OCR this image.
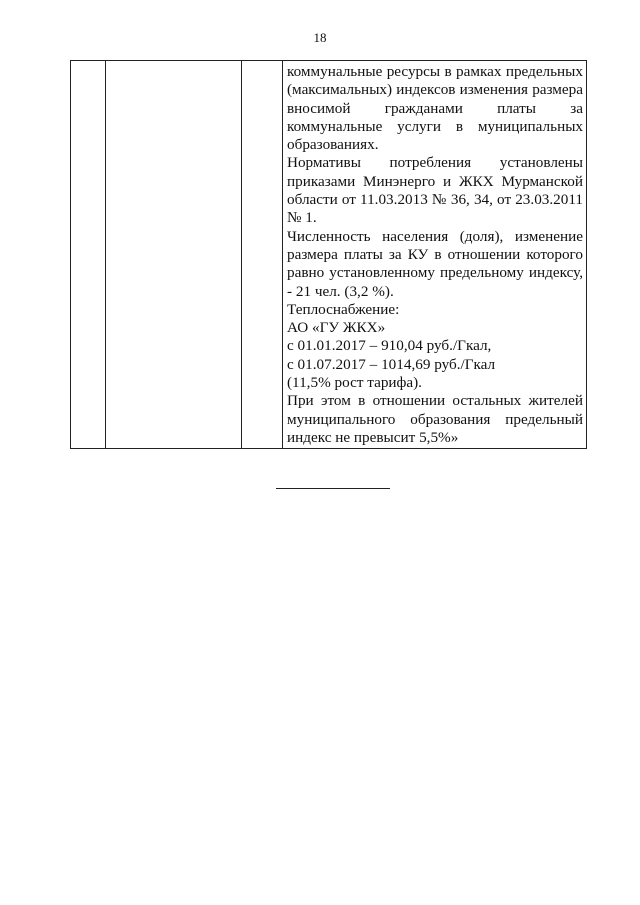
18

коммунальные ресурсы в рамках предельных (максимальных) индексов изменения размера вносимой гражданами платы за коммунальные услуги в муниципальных образованиях.

Нормативы потребления установлены приказами Минэнерго и ЖКХ Мурманской области от 11.03.2013 № 36, 34, от 23.03.2011 № 1.

Численность населения (доля), изменение размера платы за КУ в отношении которого равно установленному предельному индексу, - 21 чел. (3,2 %).

Теплоснабжение:

АО «ГУ ЖКХ»

с 01.01.2017 – 910,04 руб./Гкал,

с 01.07.2017 – 1014,69 руб./Гкал

(11,5% рост тарифа).

При этом в отношении остальных жителей муниципального образования предельный индекс не превысит 5,5%»
